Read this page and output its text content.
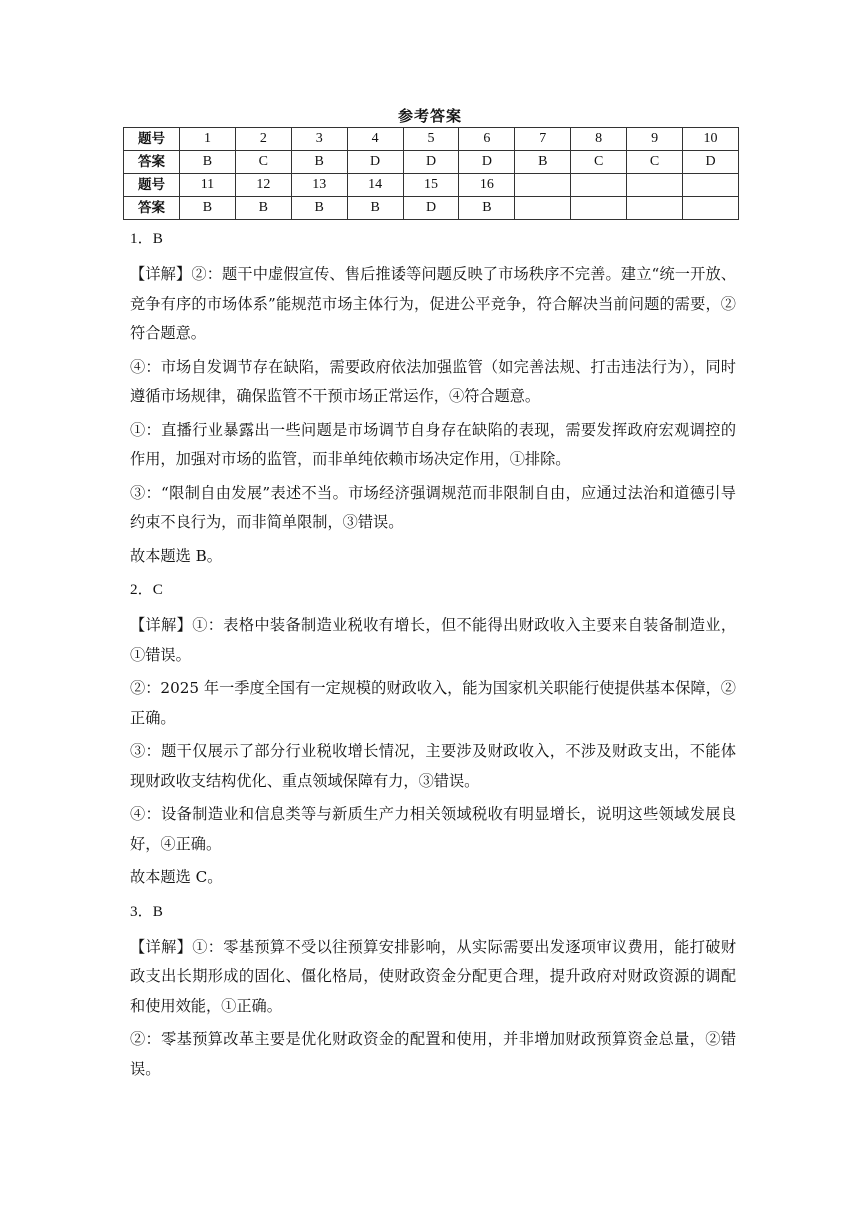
参考答案
题号	1	2	3	4	5	6	7	8	9	10
答案	B	C	B	D	D	D	B	C	C	D
题号	11	12	13	14	15	16				
答案	B	B	B	B	D	B				
1．B
【详解】②：题干中虚假宣传、售后推诿等问题反映了市场秩序不完善。建立“统一开放、竞争有序的市场体系”能规范市场主体行为，促进公平竞争，符合解决当前问题的需要，②符合题意。
④：市场自发调节存在缺陷，需要政府依法加强监管（如完善法规、打击违法行为），同时遵循市场规律，确保监管不干预市场正常运作，④符合题意。
①：直播行业暴露出一些问题是市场调节自身存在缺陷的表现，需要发挥政府宏观调控的作用，加强对市场的监管，而非单纯依赖市场决定作用，①排除。
③：“限制自由发展”表述不当。市场经济强调规范而非限制自由，应通过法治和道德引导约束不良行为，而非简单限制，③错误。
故本题选 B。
2．C
【详解】①：表格中装备制造业税收有增长，但不能得出财政收入主要来自装备制造业，①错误。
②：2025 年一季度全国有一定规模的财政收入，能为国家机关职能行使提供基本保障，②正确。
③：题干仅展示了部分行业税收增长情况，主要涉及财政收入，不涉及财政支出，不能体现财政收支结构优化、重点领域保障有力，③错误。
④：设备制造业和信息类等与新质生产力相关领域税收有明显增长，说明这些领域发展良好，④正确。
故本题选 C。
3．B
【详解】①：零基预算不受以往预算安排影响，从实际需要出发逐项审议费用，能打破财政支出长期形成的固化、僵化格局，使财政资金分配更合理，提升政府对财政资源的调配和使用效能，①正确。
②：零基预算改革主要是优化财政资金的配置和使用，并非增加财政预算资金总量，②错误。
